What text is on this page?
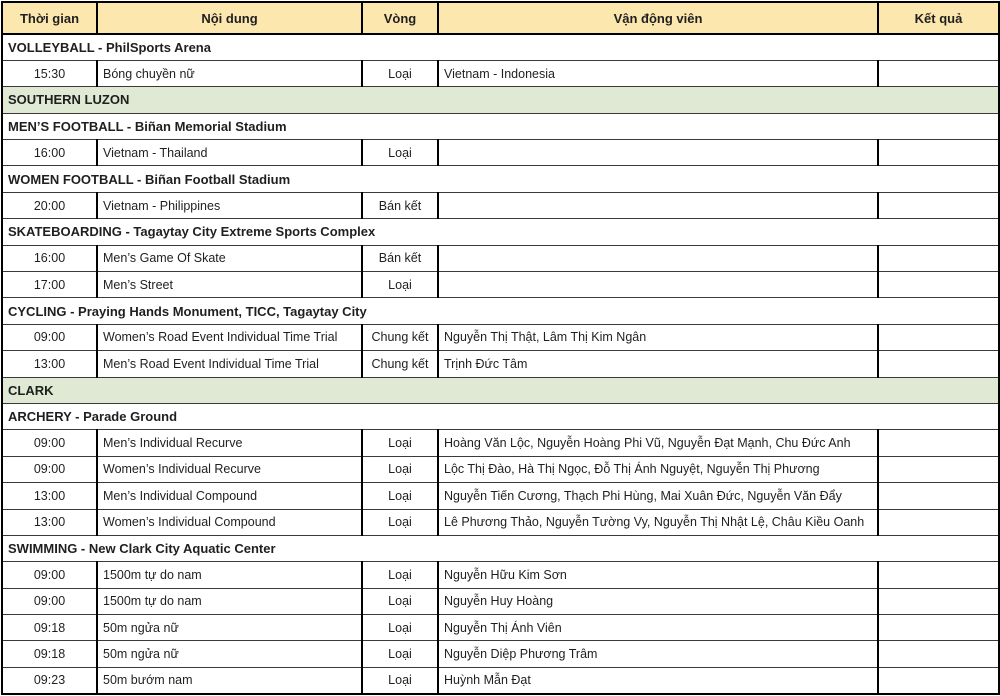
Thời gian	Nội dung	Vòng	Vận động viên	Kết quả
VOLLEYBALL - PhilSports Arena				
15:30	Bóng chuyền nữ	Loại	Vietnam - Indonesia	
SOUTHERN LUZON				
MEN’S FOOTBALL - Biñan Memorial Stadium				
16:00	Vietnam - Thailand	Loại		
WOMEN FOOTBALL - Biñan Football Stadium				
20:00	Vietnam - Philippines	Bán kết		
SKATEBOARDING - Tagaytay City Extreme Sports Complex				
16:00	Men’s Game Of Skate	Bán kết		
17:00	Men’s Street	Loại		
CYCLING - Praying Hands Monument, TICC, Tagaytay City				
09:00	Women’s Road Event Individual Time Trial	Chung kết	Nguyễn Thị Thật, Lâm Thị Kim Ngân	
13:00	Men’s Road Event Individual Time Trial	Chung kết	Trịnh Đức Tâm	
CLARK				
ARCHERY - Parade Ground				
09:00	Men’s Individual Recurve	Loại	Hoàng Văn Lộc, Nguyễn Hoàng Phi Vũ, Nguyễn Đạt Mạnh, Chu Đức Anh	
09:00	Women’s Individual Recurve	Loại	Lộc Thị Đào, Hà Thị Ngọc, Đỗ Thị Ánh Nguyệt, Nguyễn Thị Phương	
13:00	Men’s Individual Compound	Loại	Nguyễn Tiến Cương, Thạch Phi Hùng, Mai Xuân Đức, Nguyễn Văn Đẩy	
13:00	Women’s Individual Compound	Loại	Lê Phương Thảo, Nguyễn Tường Vy, Nguyễn Thị Nhật Lệ, Châu Kiều Oanh	
SWIMMING - New Clark City Aquatic Center				
09:00	1500m tự do nam	Loại	Nguyễn Hữu Kim Sơn	
09:00	1500m tự do nam	Loại	Nguyễn Huy Hoàng	
09:18	50m ngửa nữ	Loại	Nguyễn Thị Ánh Viên	
09:18	50m ngửa nữ	Loại	Nguyễn Diệp Phương Trâm	
09:23	50m bướm nam	Loại	Huỳnh Mẫn Đạt	
